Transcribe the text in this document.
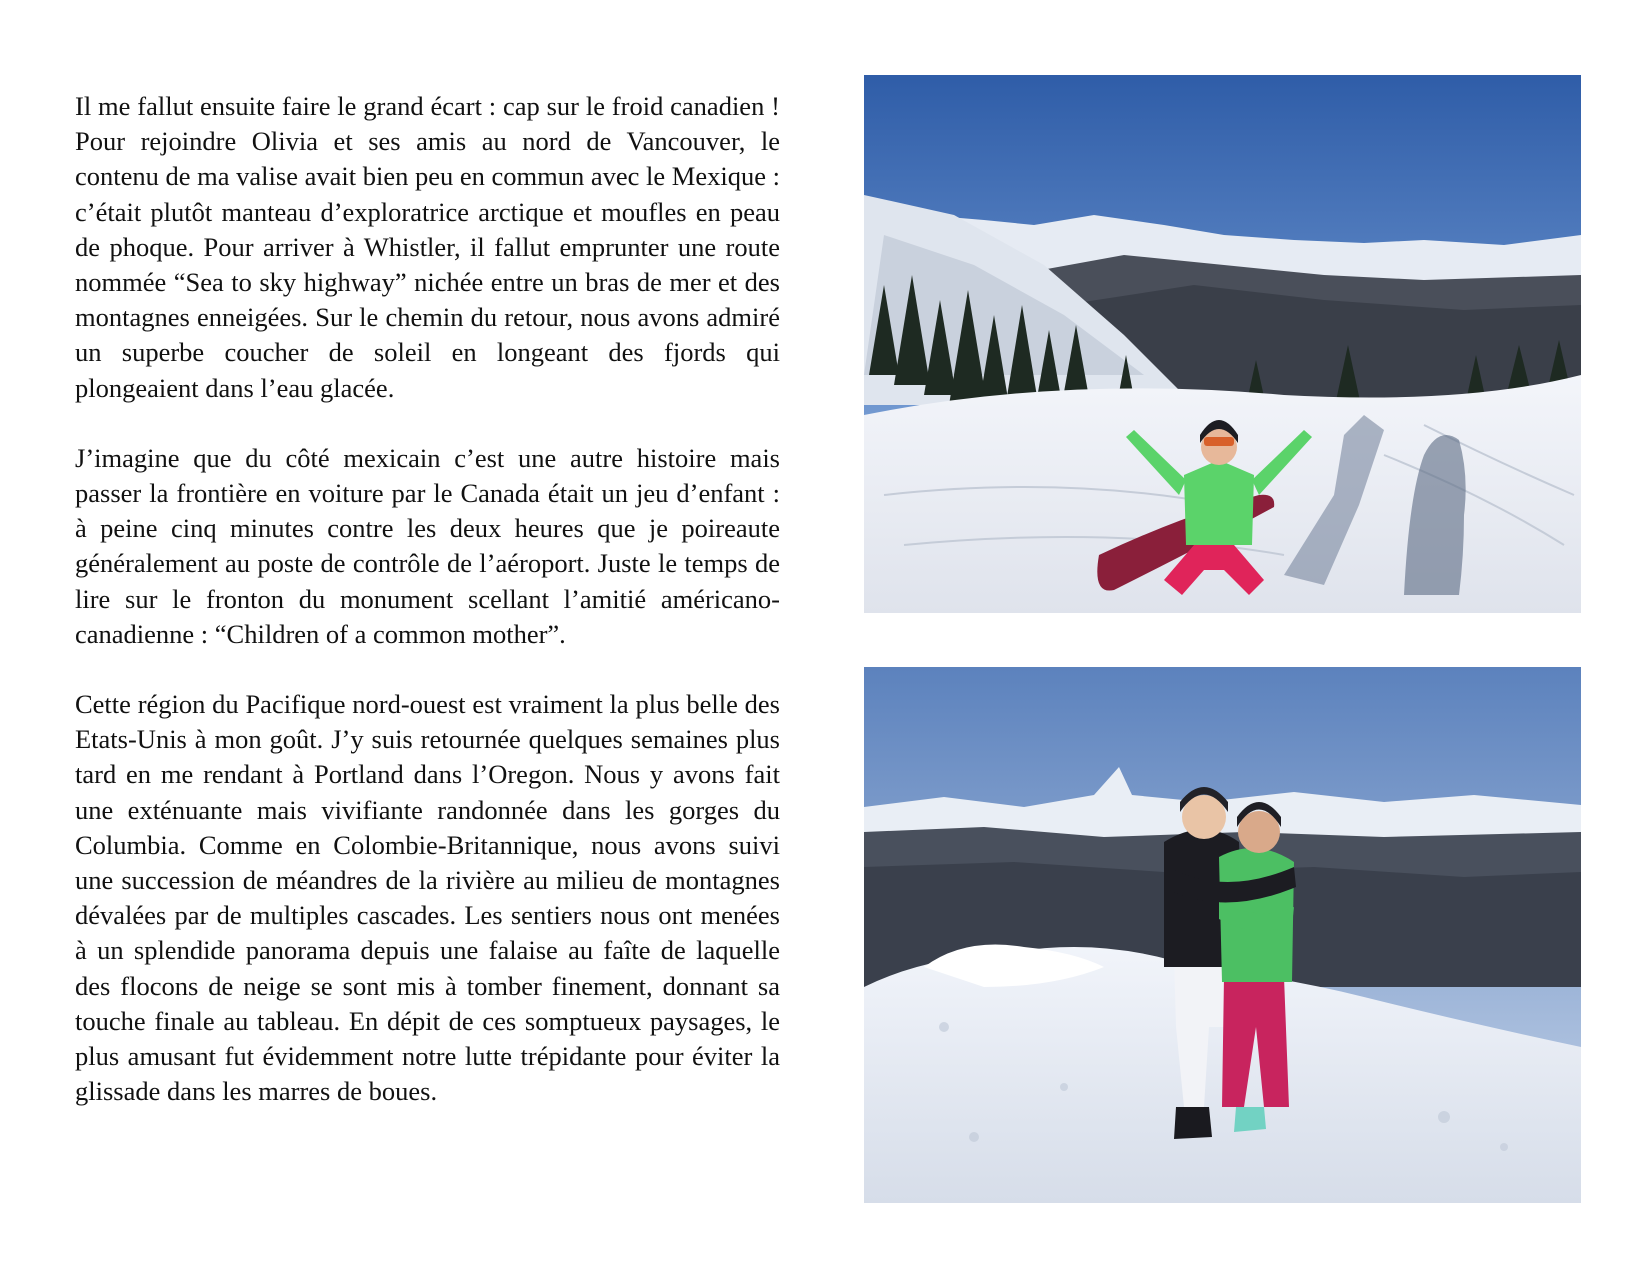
Il me fallut ensuite faire le grand écart : cap sur le froid canadien ! Pour rejoindre Olivia et ses amis au nord de Vancouver, le contenu de ma valise avait bien peu en commun avec le Mexique : c’était plutôt manteau d’exploratrice arctique et moufles en peau de phoque. Pour arriver à Whistler, il fallut emprunter une route nommée “Sea to sky highway” nichée entre un bras de mer et des montagnes enneigées. Sur le chemin du retour, nous avons admiré un superbe coucher de soleil en longeant des fjords qui plongeaient dans l’eau glacée.

J’imagine que du côté mexicain c’est une autre histoire mais passer la frontière en voiture par le Canada était un jeu d’enfant : à peine cinq minutes contre les deux heures que je poireaute généralement au poste de contrôle de l’aéroport. Juste le temps de lire sur le fronton du monument scellant l’amitié américano-canadienne : “Children of a common mother”.

Cette région du Pacifique nord-ouest est vraiment la plus belle des Etats-Unis à mon goût. J’y suis retournée quelques semaines plus tard en me rendant à Portland dans l’Oregon. Nous y avons fait une exténuante mais vivifiante randonnée dans les gorges du Columbia. Comme en Colombie-Britannique, nous avons suivi une succession de méandres de la rivière au milieu de montagnes dévalées par de multiples cascades. Les sentiers nous ont menées à un splendide panorama depuis une falaise au faîte de laquelle des flocons de neige se sont mis à tomber finement, donnant sa touche finale au tableau. En dépit de ces somptueux paysages, le plus amusant fut évidemment notre lutte trépidante pour éviter la glissade dans les marres de boues.
